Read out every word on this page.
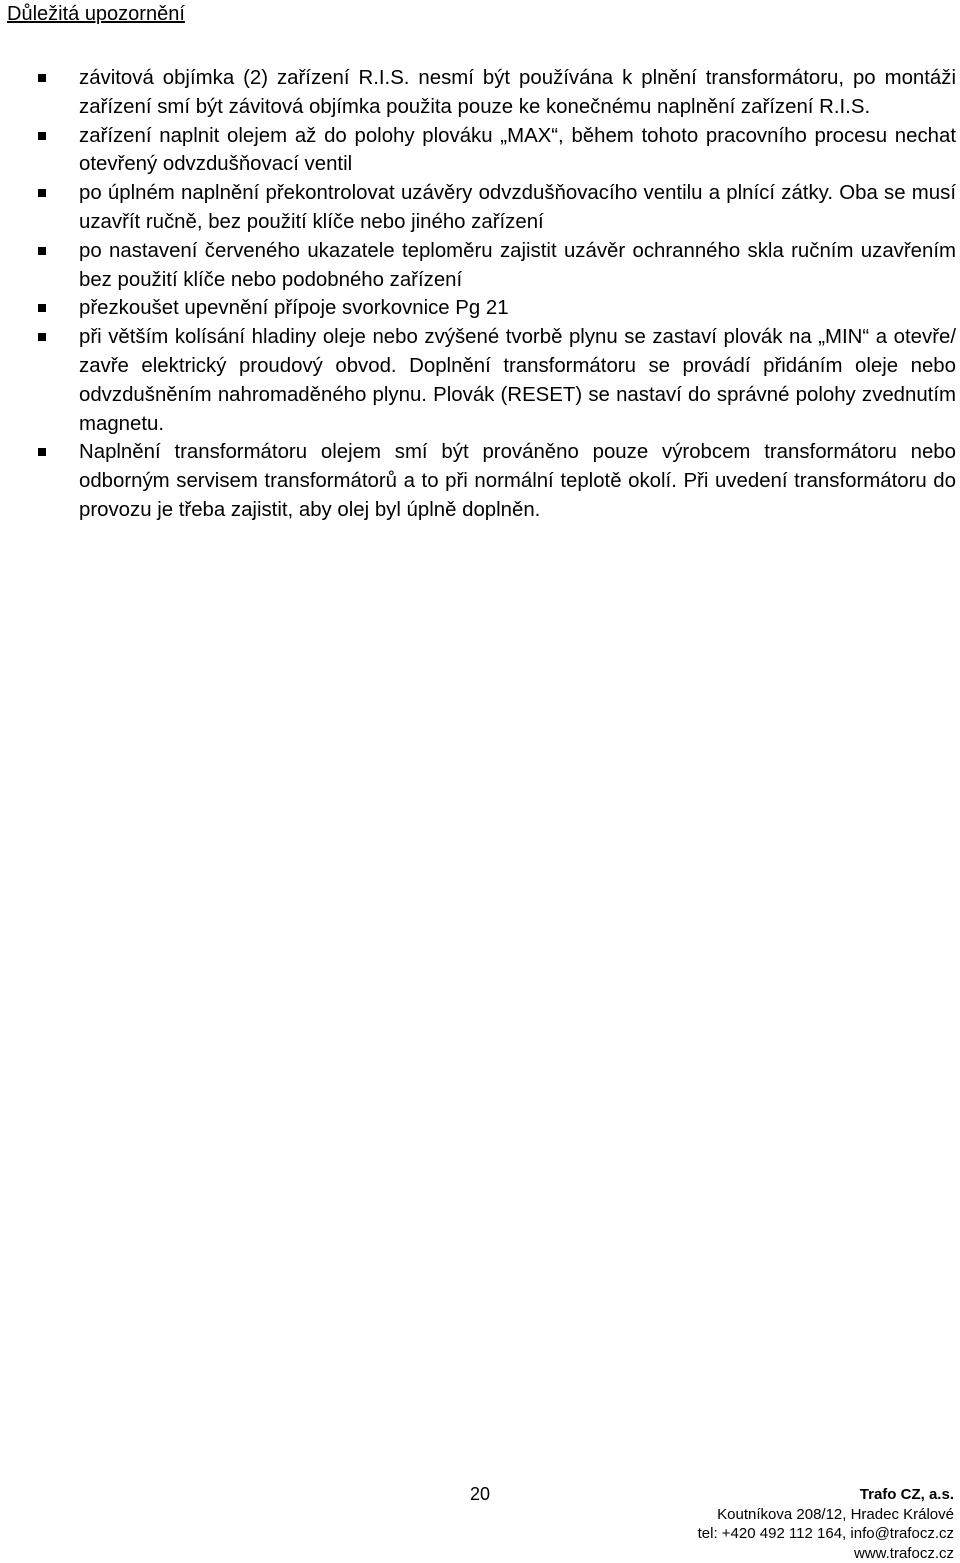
Důležitá upozornění
závitová objímka (2) zařízení R.I.S. nesmí být používána k plnění transformátoru, po montáži zařízení smí být závitová objímka použita pouze ke konečnému naplnění zařízení R.I.S.
zařízení naplnit olejem až do polohy plováku „MAX“, během tohoto pracovního procesu nechat otevřený odvzdušňovací ventil
po úplném naplnění překontrolovat uzávěry odvzdušňovacího ventilu a plnící zátky. Oba se musí uzavřít ručně, bez použití klíče nebo jiného zařízení
po nastavení červeného ukazatele teploměru zajistit uzávěr ochranného skla ručním uzavřením bez použití klíče nebo podobného zařízení
přezkoušet upevnění přípoje svorkovnice Pg 21
při větším kolísání hladiny oleje nebo zvýšené tvorbě plynu se zastaví plovák na „MIN“ a otevře/ zavře elektrický proudový obvod. Doplnění transformátoru se provádí přidáním oleje nebo odvzdušněním nahromaděného plynu. Plovák (RESET) se nastaví do správné polohy zvednutím magnetu.
Naplnění transformátoru olejem smí být prováněno pouze výrobcem transformátoru nebo odborným servisem transformátorů a to při normální teplotě okolí. Při uvedení transformátoru do provozu je třeba zajistit, aby olej byl úplně doplněn.
20	Trafo CZ, a.s.
Koutníkova 208/12, Hradec Králové
tel: +420 492 112 164, info@trafocz.cz
www.trafocz.cz
